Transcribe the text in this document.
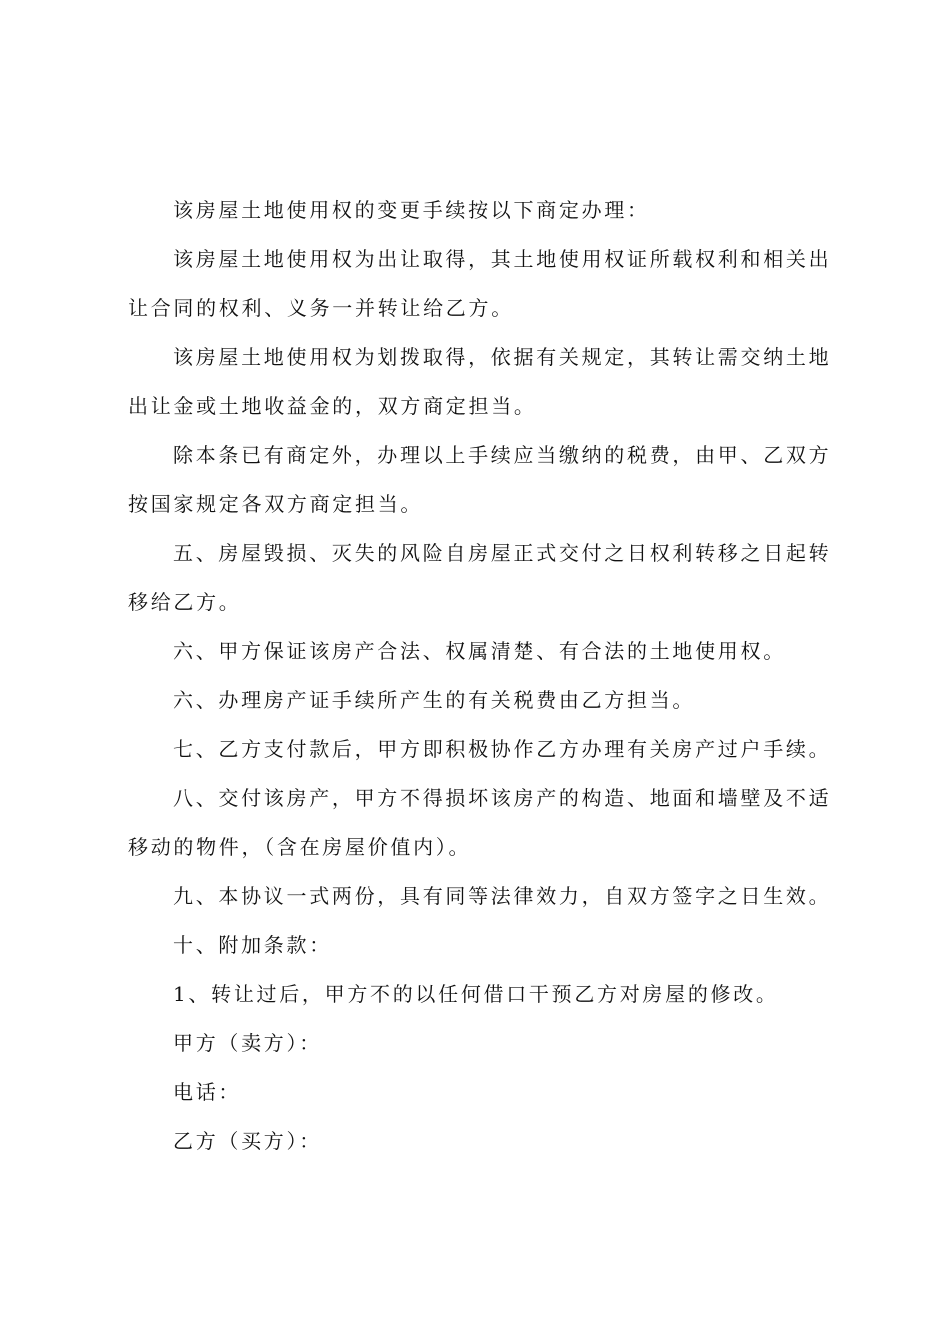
该房屋土地使用权的变更手续按以下商定办理：

该房屋土地使用权为出让取得，其土地使用权证所载权利和相关出让合同的权利、义务一并转让给乙方。

该房屋土地使用权为划拨取得，依据有关规定，其转让需交纳土地出让金或土地收益金的，双方商定担当。

除本条已有商定外，办理以上手续应当缴纳的税费，由甲、乙双方按国家规定各双方商定担当。

五、房屋毁损、灭失的风险自房屋正式交付之日权利转移之日起转移给乙方。

六、甲方保证该房产合法、权属清楚、有合法的土地使用权。

六、办理房产证手续所产生的有关税费由乙方担当。

七、乙方支付款后，甲方即积极协作乙方办理有关房产过户手续。

八、交付该房产，甲方不得损坏该房产的构造、地面和墙壁及不适移动的物件，（含在房屋价值内）。

九、本协议一式两份，具有同等法律效力，自双方签字之日生效。

十、附加条款：

1、转让过后，甲方不的以任何借口干预乙方对房屋的修改。

甲方（卖方）：

电话：

乙方（买方）：
